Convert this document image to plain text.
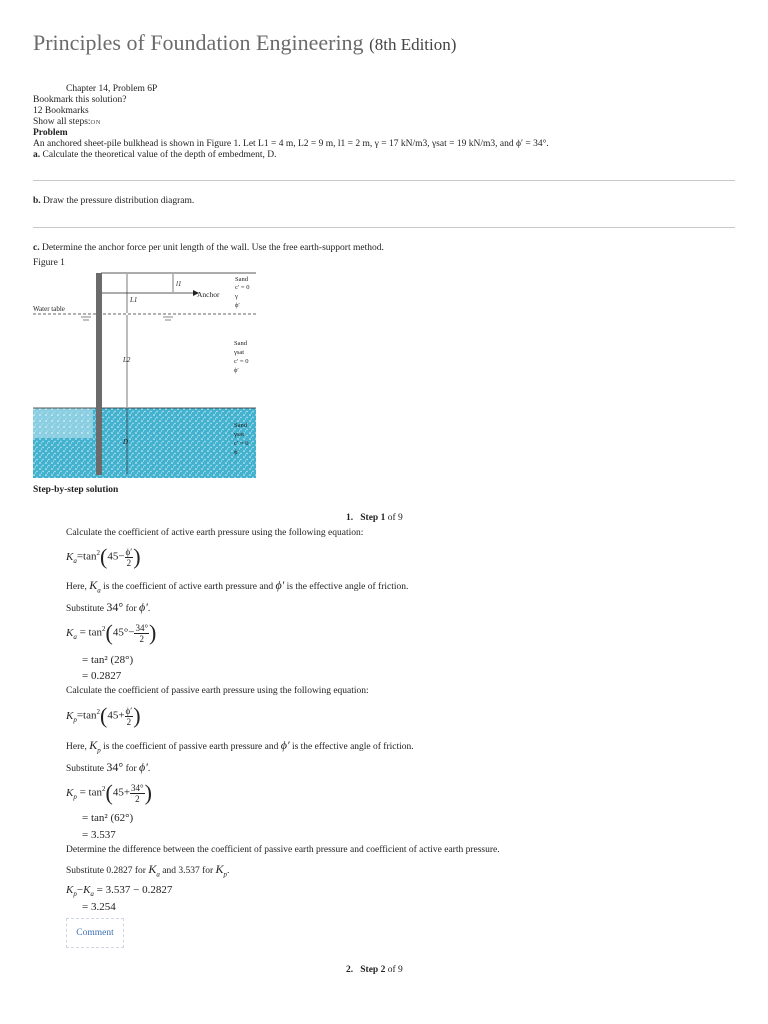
Principles of Foundation Engineering (8th Edition)
Chapter 14, Problem 6P
Bookmark this solution?
12 Bookmarks
Show all steps:ON
Problem
An anchored sheet-pile bulkhead is shown in Figure 1. Let L1 = 4 m, L2 = 9 m, l1 = 2 m, γ = 17 kN/m3, γsat = 19 kN/m3, and ϕ′ = 34°.
a. Calculate the theoretical value of the depth of embedment, D.
b. Draw the pressure distribution diagram.
c. Determine the anchor force per unit length of the wall. Use the free earth-support method.
Figure 1
Anchor
l1
L1
L2
D
Water table
Sand
c′ = 0
γ
ϕ′
Sand
γsat
c′ = 0
ϕ′
Sand
γsat
c′ = 0
ϕ′
Step-by-step solution
1. Step 1 of 9
Calculate the coefficient of active earth pressure using the following equation:
$K_a=\tan^2(45- \frac{\phi'}{2}$ )
Here, $K_a$ is the coefficient of active earth pressure and ϕ′ is the effective angle of friction.
Substitute 34° for ϕ′.
$K_a = \tan^2(45^\circ- \frac{34^\circ}{2}$ )
= tan² (28°)
= 0.2827
Calculate the coefficient of passive earth pressure using the following equation:
$K_p=\tan^2(45+ \frac{\phi'}{2}$ )
Here, $K_p$ is the coefficient of passive earth pressure and ϕ′ is the effective angle of friction.
Substitute 34° for ϕ′.
$K_p = \tan^2(45+ \frac{34^\circ}{2}$ )
= tan² (62°)
= 3.537
Determine the difference between the coefficient of passive earth pressure and coefficient of active earth pressure.
Substitute 0.2827 for $K_a$ and 3.537 for $K_p$.
$K_p-K_a = 3.537 - 0.2827$
= 3.254
Comment
2. Step 2 of 9
